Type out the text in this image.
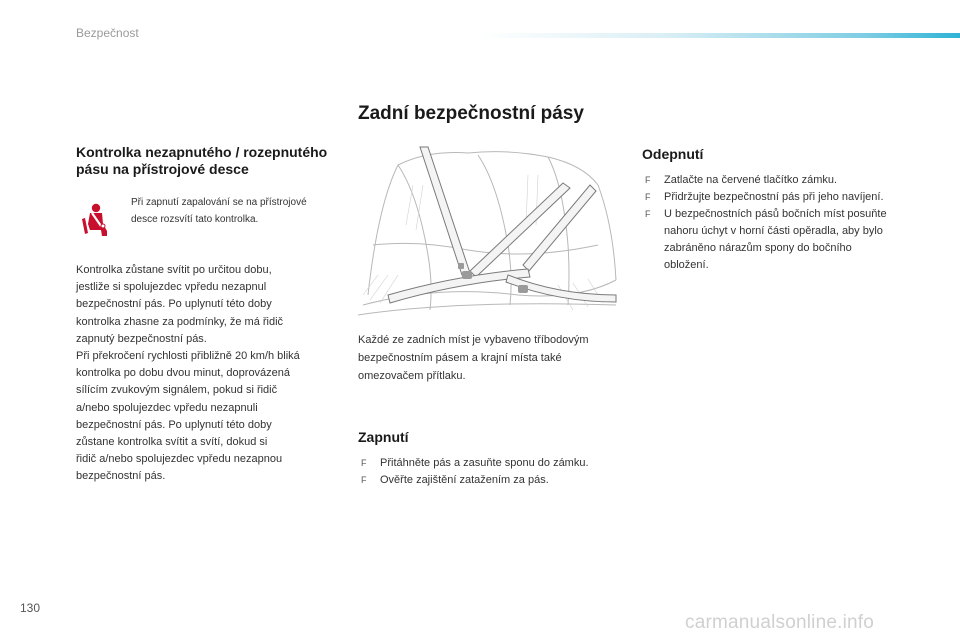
Bezpečnost
Zadní bezpečnostní pásy
Kontrolka nezapnutého / rozepnutého pásu na přístrojové desce
Při zapnutí zapalování se na přístrojové desce rozsvítí tato kontrolka.
Kontrolka zůstane svítit po určitou dobu,
jestliže si spolujezdec vpředu nezapnul
bezpečnostní pás. Po uplynutí této doby
kontrolka zhasne za podmínky, že má řidič
zapnutý bezpečnostní pás.
Při překročení rychlosti přibližně 20 km/h bliká
kontrolka po dobu dvou minut, doprovázená
sílícím zvukovým signálem, pokud si řidič
a/nebo spolujezdec vpředu nezapnuli
bezpečnostní pás. Po uplynutí této doby
zůstane kontrolka svítit a svítí, dokud si
řidič a/nebo spolujezdec vpředu nezapnou
bezpečnostní pás.
Každé ze zadních míst je vybaveno tříbodovým
bezpečnostním pásem a krajní místa také
omezovačem přítlaku.
Zapnutí
F Přitáhněte pás a zasuňte sponu do zámku.
F Ověřte zajištění zatažením za pás.
Odepnutí
F Zatlačte na červené tlačítko zámku.
F Přidržujte bezpečnostní pás při jeho navíjení.
F U bezpečnostních pásů bočních míst posuňte nahoru úchyt v horní části opěradla, aby bylo zabráněno nárazům spony do bočního obložení.
130
carmanualsonline.info
